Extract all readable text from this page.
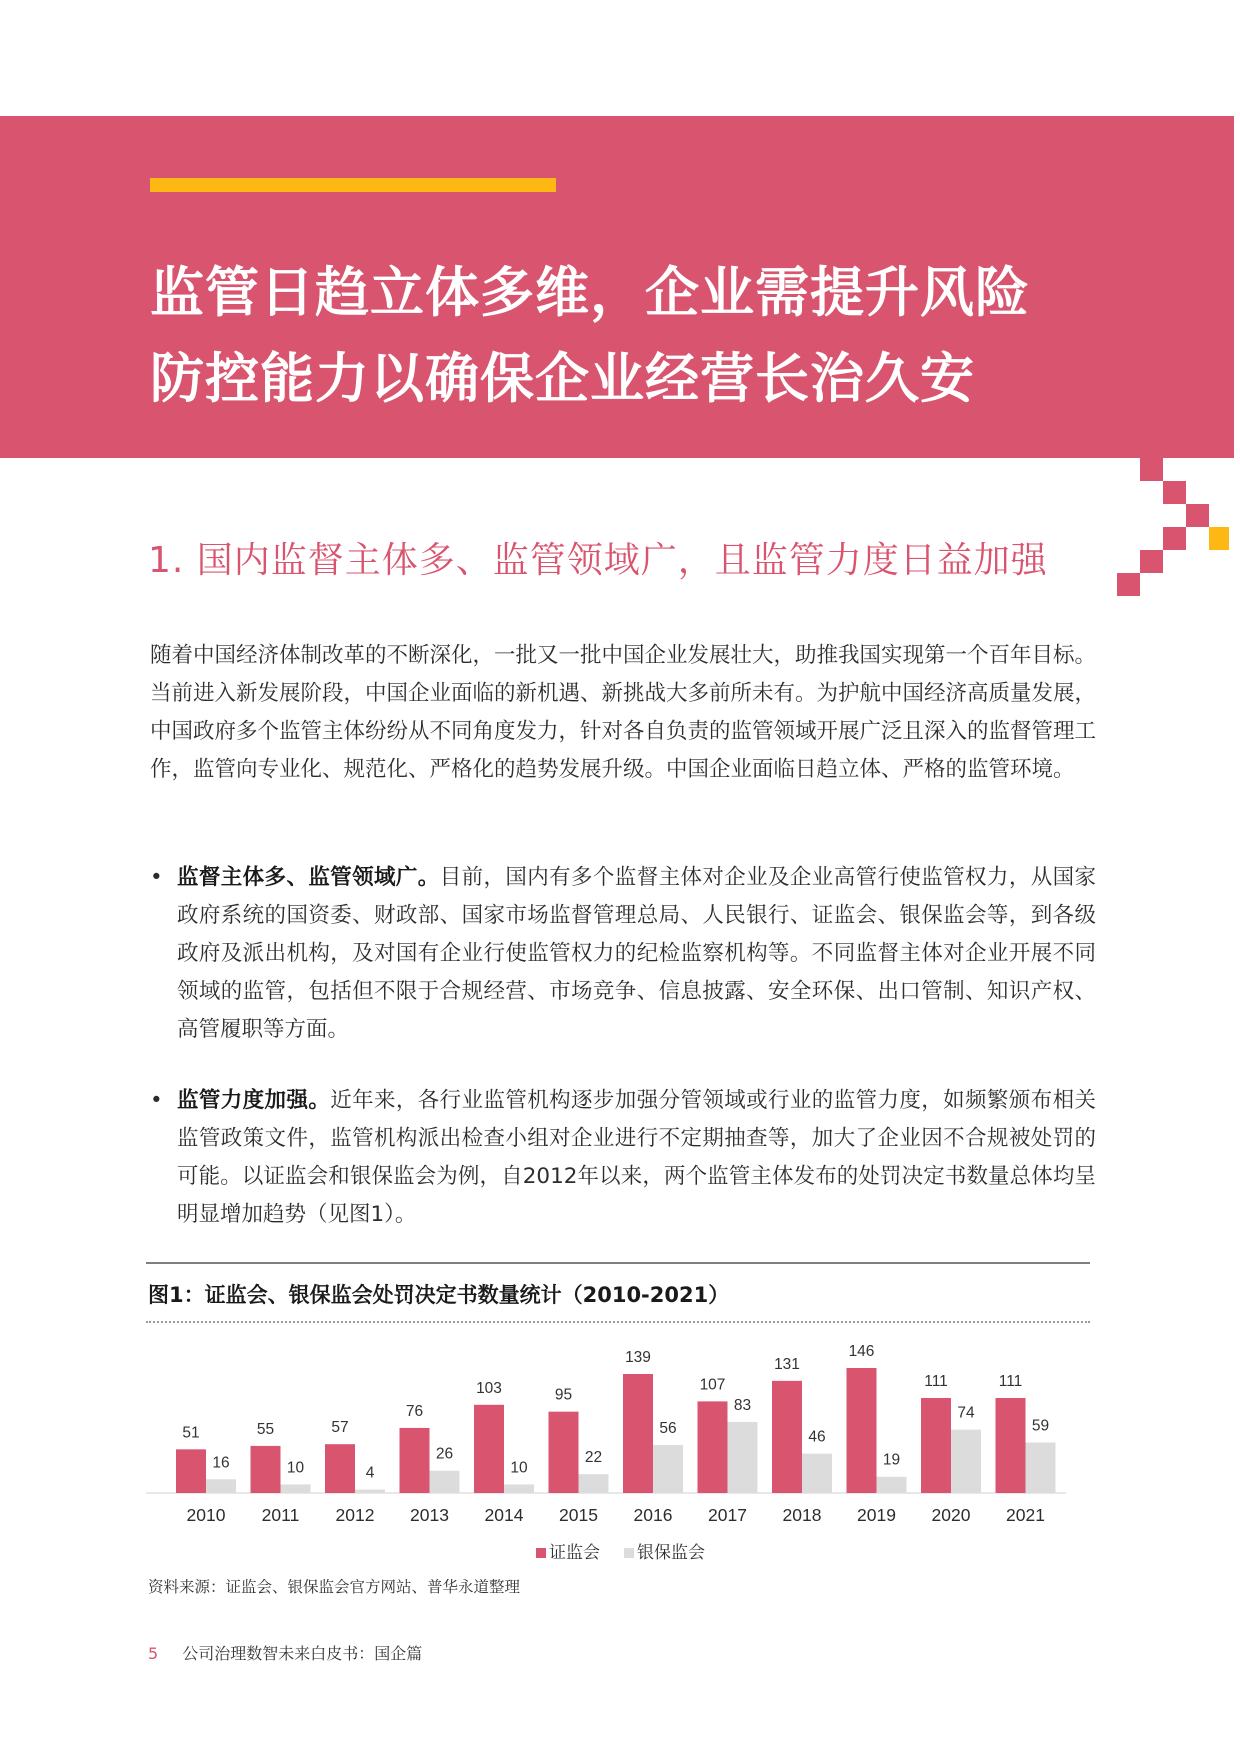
监管日趋立体多维，企业需提升风险
防控能力以确保企业经营长治久安
1. 国内监督主体多、监管领域广，且监管力度日益加强
随着中国经济体制改革的不断深化，一批又一批中国企业发展壮大，助推我国实现第一个百年目标。当前进入新发展阶段，中国企业面临的新机遇、新挑战大多前所未有。为护航中国经济高质量发展，中国政府多个监管主体纷纷从不同角度发力，针对各自负责的监管领域开展广泛且深入的监督管理工作，监管向专业化、规范化、严格化的趋势发展升级。中国企业面临日趋立体、严格的监管环境。
• 监督主体多、监管领域广。目前，国内有多个监督主体对企业及企业高管行使监管权力，从国家政府系统的国资委、财政部、国家市场监督管理总局、人民银行、证监会、银保监会等，到各级政府及派出机构，及对国有企业行使监管权力的纪检监察机构等。不同监督主体对企业开展不同领域的监管，包括但不限于合规经营、市场竞争、信息披露、安全环保、出口管制、知识产权、高管履职等方面。
• 监管力度加强。近年来，各行业监管机构逐步加强分管领域或行业的监管力度，如频繁颁布相关监管政策文件，监管机构派出检查小组对企业进行不定期抽查等，加大了企业因不合规被处罚的可能。以证监会和银保监会为例，自2012年以来，两个监管主体发布的处罚决定书数量总体均呈明显增加趋势（见图1）。
图1：证监会、银保监会处罚决定书数量统计（2010-2021）
51
16
2010
55
10
2011
57
4
2012
76
26
2013
103
10
2014
95
22
2015
139
56
2016
107
83
2017
131
46
2018
146
19
2019
111
74
2020
111
59
2021
证监会 银保监会
资料来源：证监会、银保监会官方网站、普华永道整理
5 公司治理数智未来白皮书：国企篇
